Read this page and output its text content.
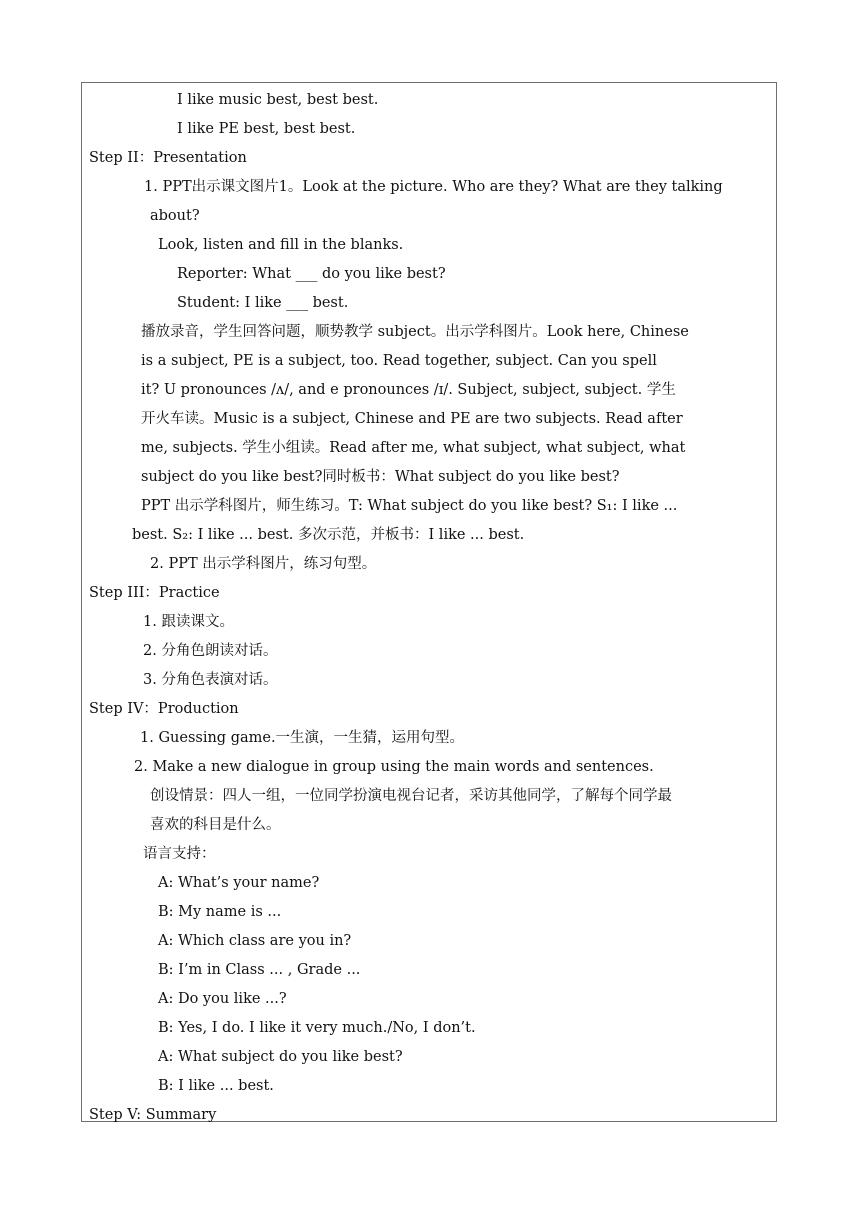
I like music best, best best.
I like PE best, best best.
Step II：Presentation
1. PPT出示课文图片1。Look at the picture. Who are they? What are they talking
about?
Look, listen and fill in the blanks.
Reporter: What ___ do you like best?
Student: I like ___ best.
播放录音，学生回答问题，顺势教学 subject。出示学科图片。Look here, Chinese
is a subject, PE is a subject, too. Read together, subject. Can you spell
it? U pronounces /ʌ/, and e pronounces /ɪ/. Subject, subject, subject. 学生
开火车读。Music is a subject, Chinese and PE are two subjects. Read after
me, subjects. 学生小组读。Read after me, what subject, what subject, what
subject do you like best?同时板书：What subject do you like best?
PPT 出示学科图片，师生练习。T: What subject do you like best? S₁: I like ...
best. S₂: I like ... best. 多次示范，并板书：I like ... best.
2. PPT 出示学科图片，练习句型。
Step III：Practice
1. 跟读课文。
2. 分角色朗读对话。
3. 分角色表演对话。
Step IV：Production
1. Guessing game.一生演，一生猜，运用句型。
2. Make a new dialogue in group using the main words and sentences.
创设情景：四人一组，一位同学扮演电视台记者，采访其他同学，了解每个同学最
喜欢的科目是什么。
语言支持：
A: What’s your name?
B: My name is ...
A: Which class are you in?
B: I’m in Class ... , Grade ...
A: Do you like ...?
B: Yes, I do. I like it very much./No, I don’t.
A: What subject do you like best?
B: I like ... best.
Step V: Summary
